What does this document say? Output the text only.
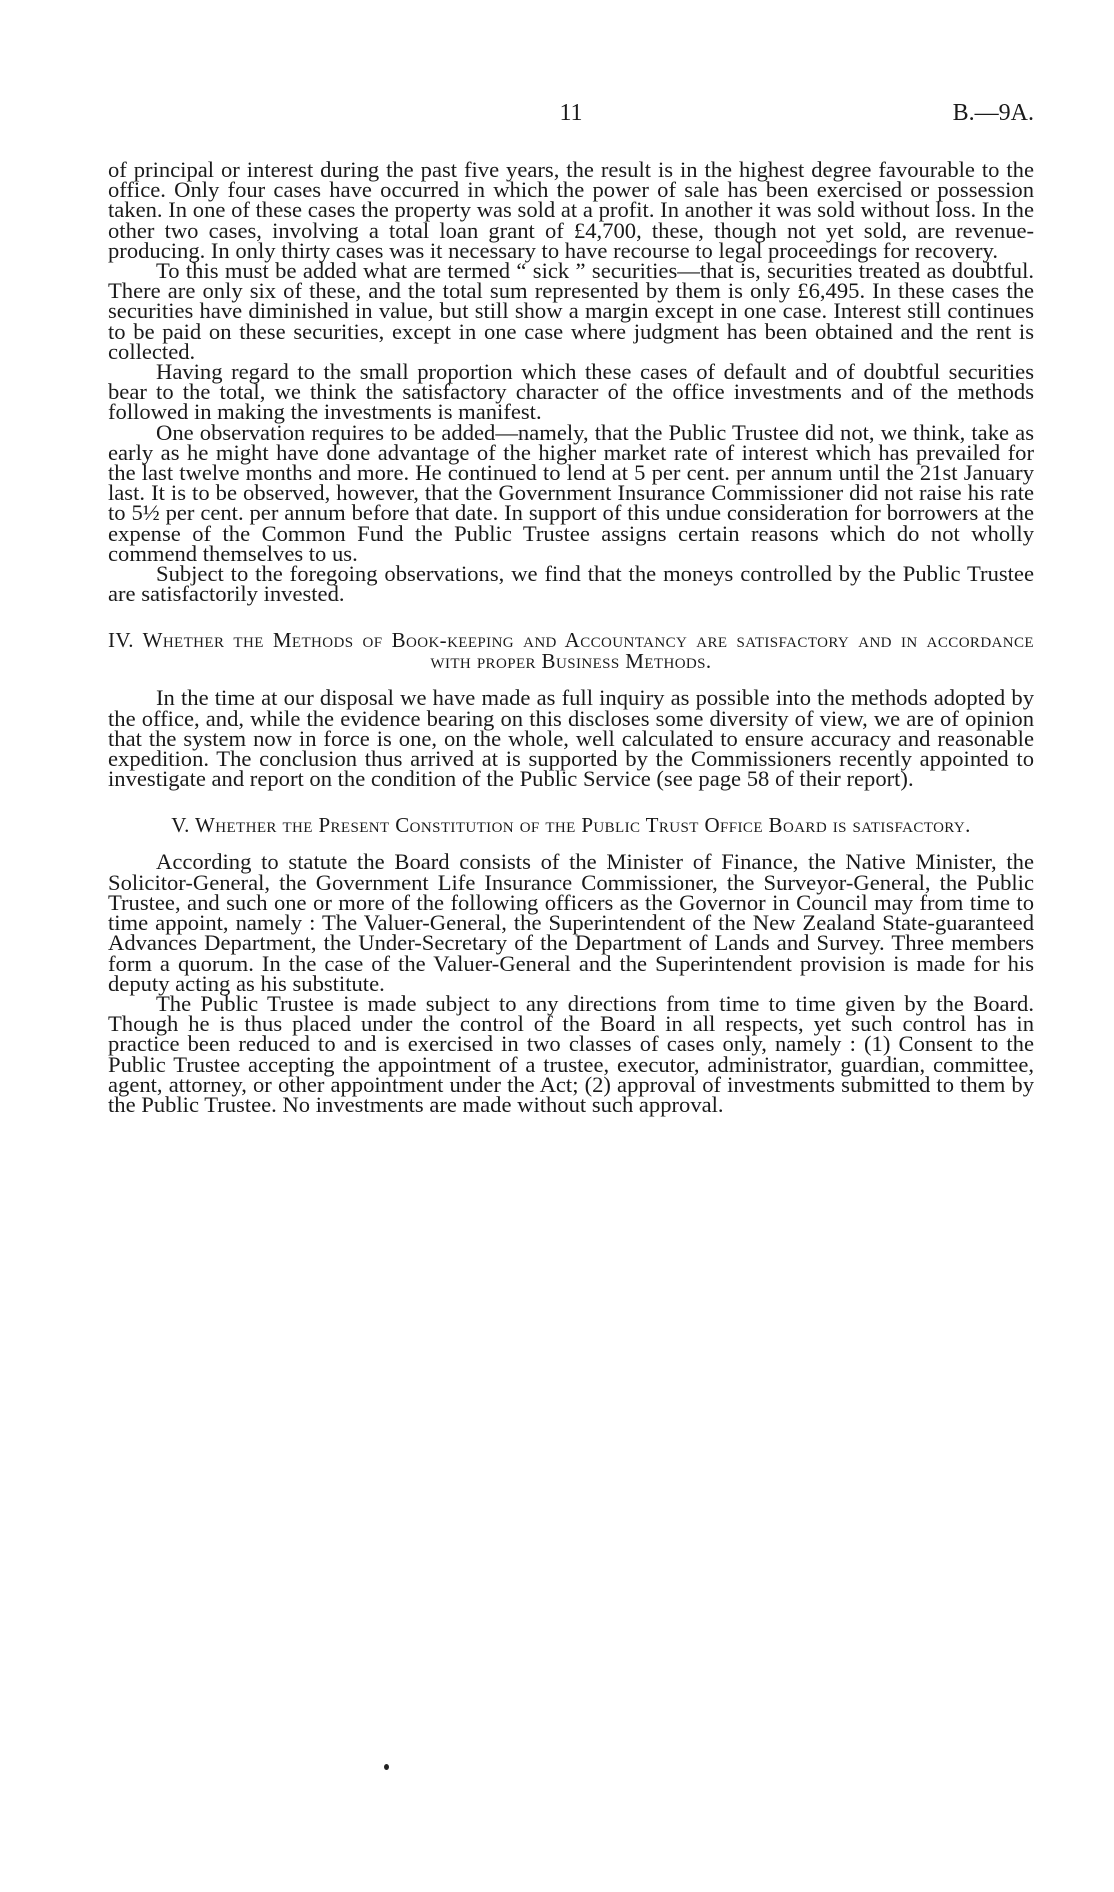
11	B.—9A.

of principal or interest during the past five years, the result is in the highest degree favourable to the office. Only four cases have occurred in which the power of sale has been exercised or possession taken. In one of these cases the property was sold at a profit. In another it was sold without loss. In the other two cases, involving a total loan grant of £4,700, these, though not yet sold, are revenue-producing. In only thirty cases was it necessary to have recourse to legal proceedings for recovery.

To this must be added what are termed “ sick ” securities—that is, securities treated as doubtful. There are only six of these, and the total sum represented by them is only £6,495. In these cases the securities have diminished in value, but still show a margin except in one case. Interest still continues to be paid on these securities, except in one case where judgment has been obtained and the rent is collected.

Having regard to the small proportion which these cases of default and of doubtful securities bear to the total, we think the satisfactory character of the office investments and of the methods followed in making the investments is manifest.

One observation requires to be added—namely, that the Public Trustee did not, we think, take as early as he might have done advantage of the higher market rate of interest which has prevailed for the last twelve months and more. He continued to lend at 5 per cent. per annum until the 21st January last. It is to be observed, however, that the Government Insurance Commissioner did not raise his rate to 5½ per cent. per annum before that date. In support of this undue consideration for borrowers at the expense of the Common Fund the Public Trustee assigns certain reasons which do not wholly commend themselves to us.

Subject to the foregoing observations, we find that the moneys controlled by the Public Trustee are satisfactorily invested.

IV. Whether the Methods of Book-keeping and Accountancy are satisfactory and in accordance with proper Business Methods.

In the time at our disposal we have made as full inquiry as possible into the methods adopted by the office, and, while the evidence bearing on this discloses some diversity of view, we are of opinion that the system now in force is one, on the whole, well calculated to ensure accuracy and reasonable expedition. The conclusion thus arrived at is supported by the Commissioners recently appointed to investigate and report on the condition of the Public Service (see page 58 of their report).

V. Whether the Present Constitution of the Public Trust Office Board is satisfactory.

According to statute the Board consists of the Minister of Finance, the Native Minister, the Solicitor-General, the Government Life Insurance Commissioner, the Surveyor-General, the Public Trustee, and such one or more of the following officers as the Governor in Council may from time to time appoint, namely : The Valuer-General, the Superintendent of the New Zealand State-guaranteed Advances Department, the Under-Secretary of the Department of Lands and Survey. Three members form a quorum. In the case of the Valuer-General and the Superintendent provision is made for his deputy acting as his substitute.

The Public Trustee is made subject to any directions from time to time given by the Board. Though he is thus placed under the control of the Board in all respects, yet such control has in practice been reduced to and is exercised in two classes of cases only, namely : (1) Consent to the Public Trustee accepting the appointment of a trustee, executor, administrator, guardian, committee, agent, attorney, or other appointment under the Act; (2) approval of investments submitted to them by the Public Trustee. No investments are made without such approval.
